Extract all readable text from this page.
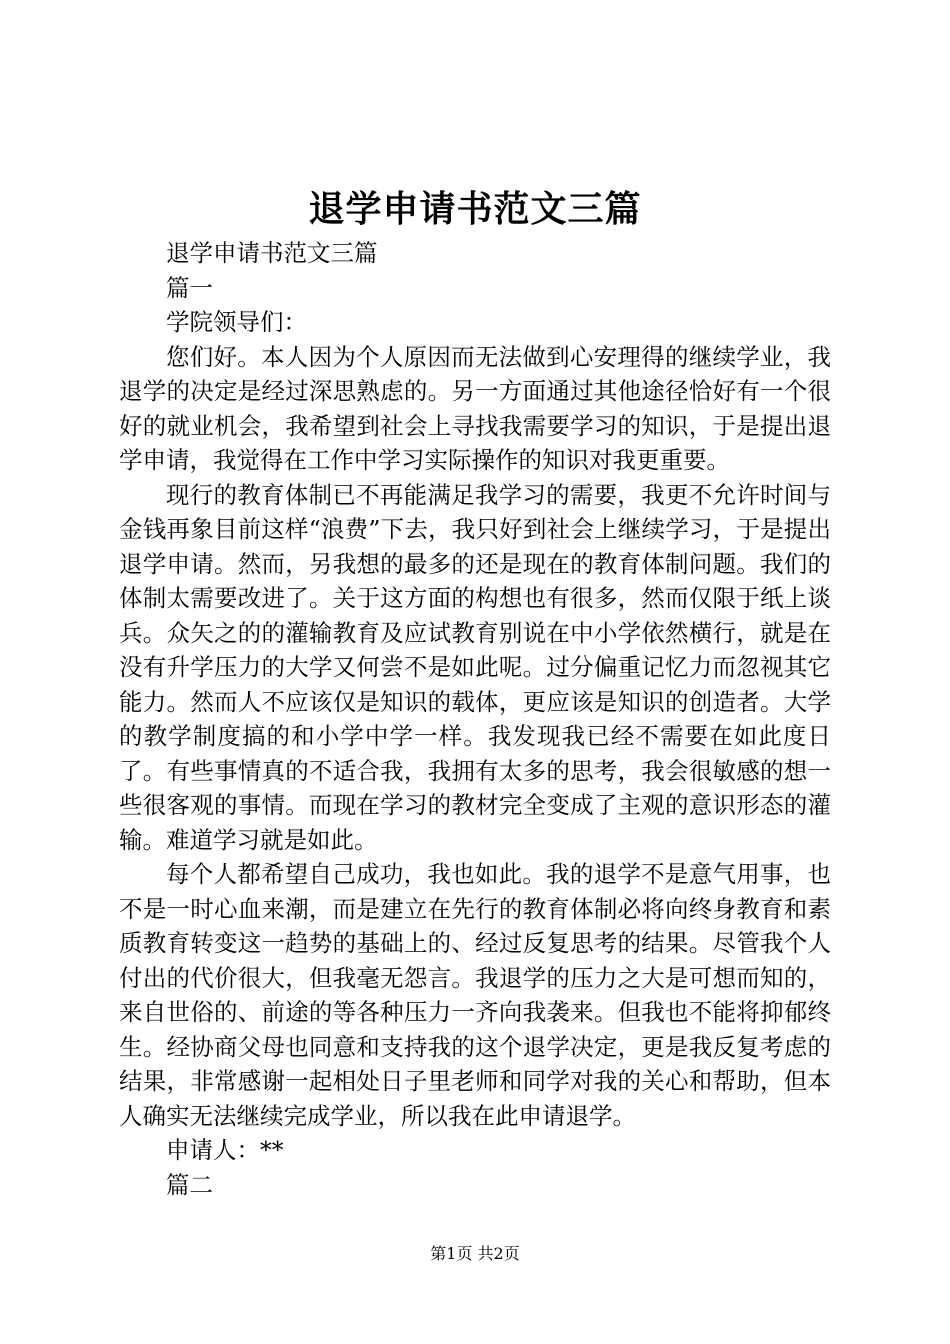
退学申请书范文三篇

退学申请书范文三篇

篇一

学院领导们：

您们好。本人因为个人原因而无法做到心安理得的继续学业，我退学的决定是经过深思熟虑的。另一方面通过其他途径恰好有一个很好的就业机会，我希望到社会上寻找我需要学习的知识，于是提出退学申请，我觉得在工作中学习实际操作的知识对我更重要。

现行的教育体制已不再能满足我学习的需要，我更不允许时间与金钱再象目前这样“浪费”下去，我只好到社会上继续学习，于是提出退学申请。然而，另我想的最多的还是现在的教育体制问题。我们的体制太需要改进了。关于这方面的构想也有很多，然而仅限于纸上谈兵。众矢之的的灌输教育及应试教育别说在中小学依然横行，就是在没有升学压力的大学又何尝不是如此呢。过分偏重记忆力而忽视其它能力。然而人不应该仅是知识的载体，更应该是知识的创造者。大学的教学制度搞的和小学中学一样。我发现我已经不需要在如此度日了。有些事情真的不适合我，我拥有太多的思考，我会很敏感的想一些很客观的事情。而现在学习的教材完全变成了主观的意识形态的灌输。难道学习就是如此。

每个人都希望自己成功，我也如此。我的退学不是意气用事，也不是一时心血来潮，而是建立在先行的教育体制必将向终身教育和素质教育转变这一趋势的基础上的、经过反复思考的结果。尽管我个人付出的代价很大，但我毫无怨言。我退学的压力之大是可想而知的，来自世俗的、前途的等各种压力一齐向我袭来。但我也不能将抑郁终生。经协商父母也同意和支持我的这个退学决定，更是我反复考虑的结果，非常感谢一起相处日子里老师和同学对我的关心和帮助，但本人确实无法继续完成学业，所以我在此申请退学。

申请人：**

篇二

第1页 共2页
